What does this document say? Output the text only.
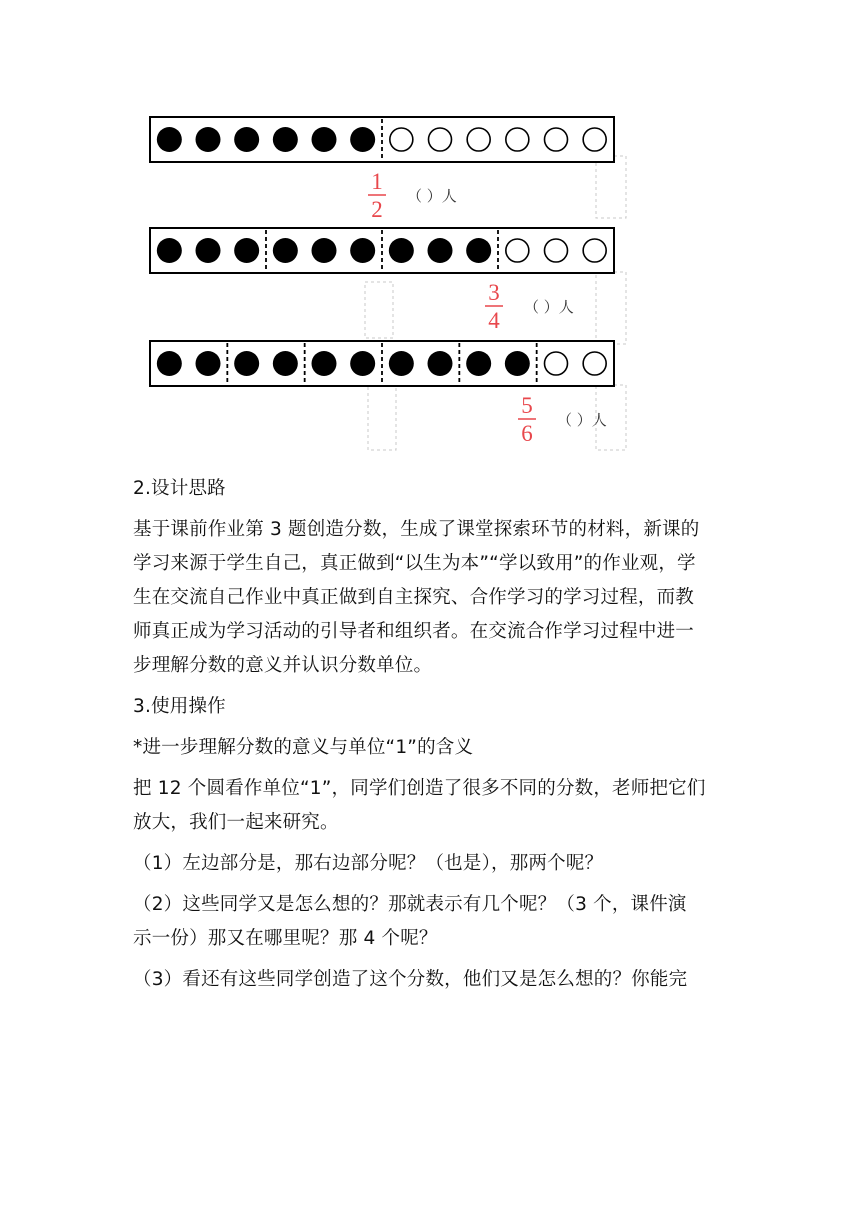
1
2
（ ）人
3
4
（ ）人
5
6
（ ）人

2.设计思路

基于课前作业第 3 题创造分数，生成了课堂探索环节的材料，新课的

学习来源于学生自己，真正做到“以生为本”“学以致用”的作业观，学

生在交流自己作业中真正做到自主探究、合作学习的学习过程，而教

师真正成为学习活动的引导者和组织者。在交流合作学习过程中进一

步理解分数的意义并认识分数单位。

3.使用操作

*进一步理解分数的意义与单位“1”的含义

把 12 个圆看作单位“1”，同学们创造了很多不同的分数，老师把它们

放大，我们一起来研究。

（1）左边部分是，那右边部分呢？（也是），那两个呢？

（2）这些同学又是怎么想的？那就表示有几个呢？（3 个，课件演

示一份）那又在哪里呢？那 4 个呢？

（3）看还有这些同学创造了这个分数，他们又是怎么想的？你能完
